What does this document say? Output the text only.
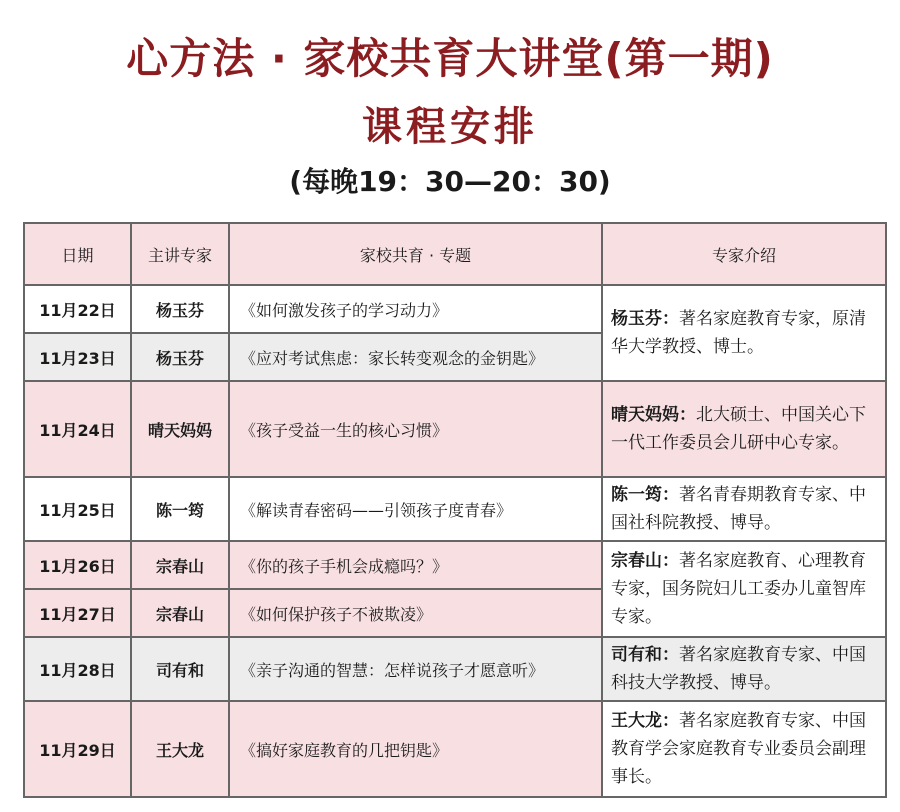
心方法 · 家校共育大讲堂(第一期)
课程安排

(每晚19：30—20：30)

日期	主讲专家	家校共育 · 专题	专家介绍
11月22日	杨玉芬	《如何激发孩子的学习动力》	杨玉芬：著名家庭教育专家，原清华大学教授、博士。
11月23日	杨玉芬	《应对考试焦虑：家长转变观念的金钥匙》	
11月24日	晴天妈妈	《孩子受益一生的核心习惯》	晴天妈妈：北大硕士、中国关心下一代工作委员会儿研中心专家。
11月25日	陈一筠	《解读青春密码——引领孩子度青春》	陈一筠：著名青春期教育专家、中国社科院教授、博导。
11月26日	宗春山	《你的孩子手机会成瘾吗？》	宗春山：著名家庭教育、心理教育专家，国务院妇儿工委办儿童智库专家。
11月27日	宗春山	《如何保护孩子不被欺凌》	
11月28日	司有和	《亲子沟通的智慧：怎样说孩子才愿意听》	司有和：著名家庭教育专家、中国科技大学教授、博导。
11月29日	王大龙	《搞好家庭教育的几把钥匙》	王大龙：著名家庭教育专家、中国教育学会家庭教育专业委员会副理事长。
